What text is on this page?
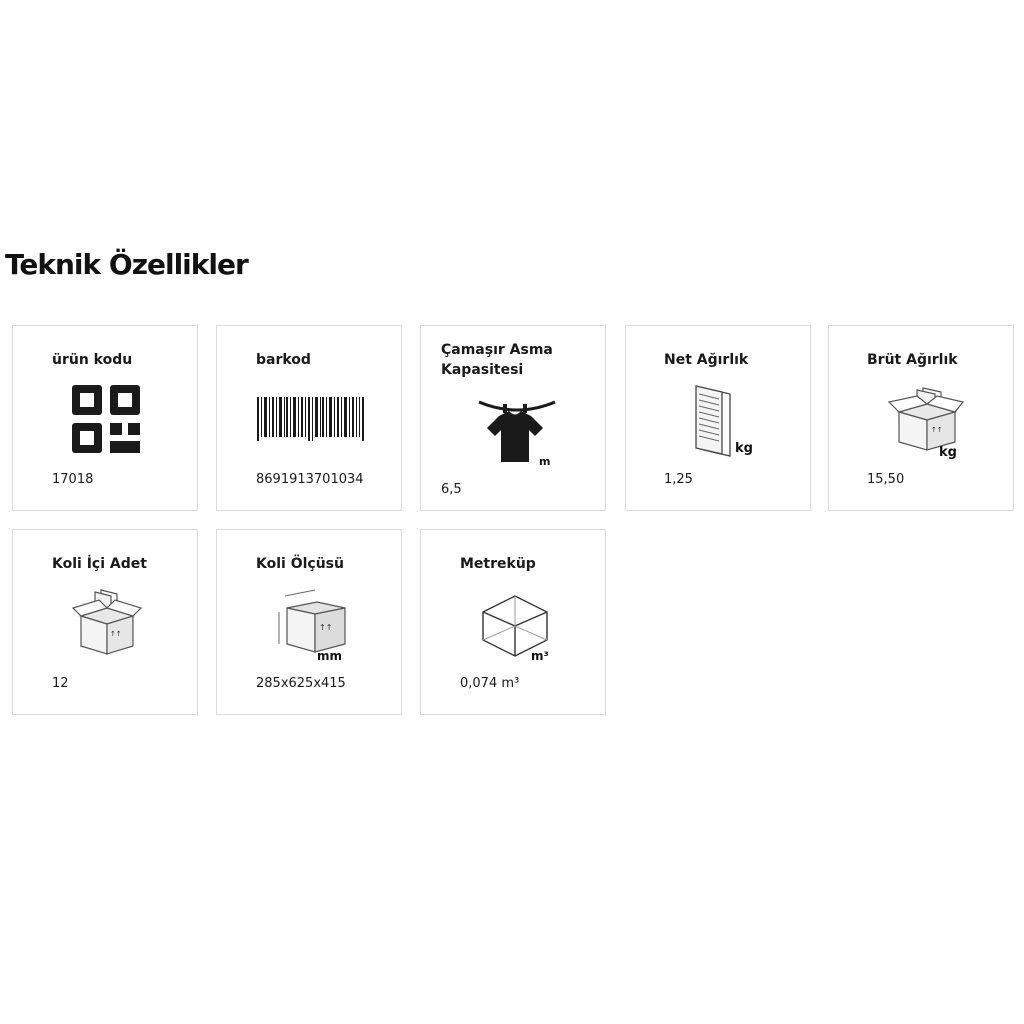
Teknik Özellikler
ürün kodu
17018
barkod
8691913701034
Çamaşır Asma Kapasitesi
m
6,5
Net Ağırlık
kg
1,25
Brüt Ağırlık
↑↑
kg
15,50
Koli İçi Adet
↑↑
12
Koli Ölçüsü
↑↑
mm
285x625x415
Metreküp
m³
0,074 m³
